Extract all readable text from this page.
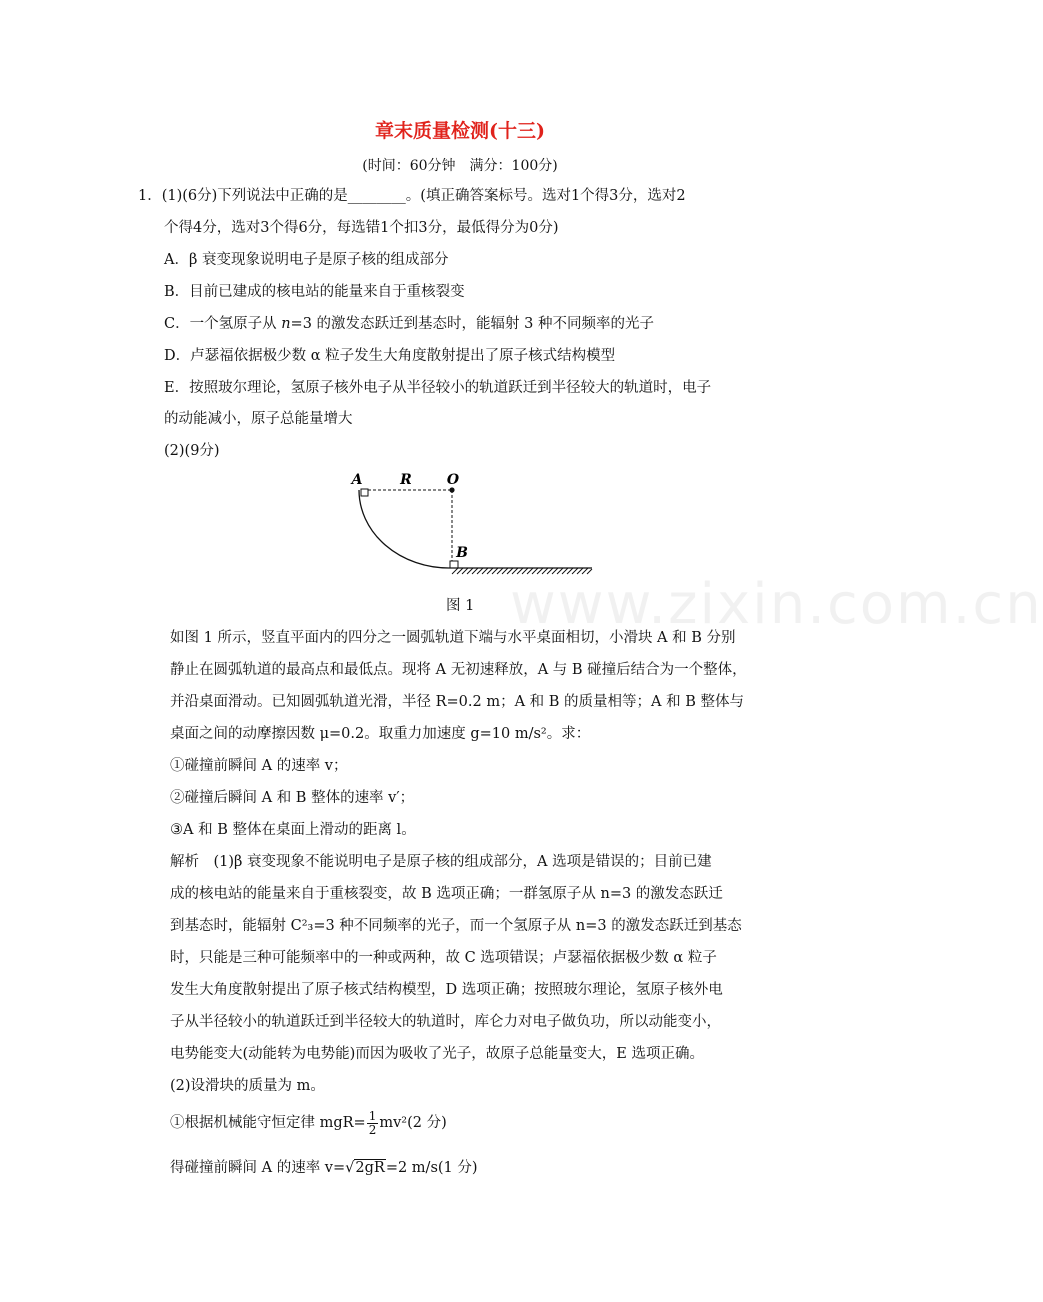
章末质量检测(十三)
(时间：60分钟　满分：100分)
1．(1)(6分)下列说法中正确的是________。(填正确答案标号。选对1个得3分，选对2
个得4分，选对3个得6分，每选错1个扣3分，最低得分为0分)
A．β 衰变现象说明电子是原子核的组成部分
B．目前已建成的核电站的能量来自于重核裂变
C．一个氢原子从 n=3 的激发态跃迁到基态时，能辐射 3 种不同频率的光子
D．卢瑟福依据极少数 α 粒子发生大角度散射提出了原子核式结构模型
E．按照玻尔理论，氢原子核外电子从半径较小的轨道跃迁到半径较大的轨道时，电子
的动能减小，原子总能量增大
(2)(9分)
A	R	O
B
www.zixin.com.cn
图 1
如图 1 所示，竖直平面内的四分之一圆弧轨道下端与水平桌面相切，小滑块 A 和 B 分别
静止在圆弧轨道的最高点和最低点。现将 A 无初速释放，A 与 B 碰撞后结合为一个整体，
并沿桌面滑动。已知圆弧轨道光滑，半径 R=0.2 m；A 和 B 的质量相等；A 和 B 整体与
桌面之间的动摩擦因数 μ=0.2。取重力加速度 g=10 m/s²。求：
①碰撞前瞬间 A 的速率 v；
②碰撞后瞬间 A 和 B 整体的速率 v′；
③A 和 B 整体在桌面上滑动的距离 l。
解析　(1)β 衰变现象不能说明电子是原子核的组成部分，A 选项是错误的；目前已建
成的核电站的能量来自于重核裂变，故 B 选项正确；一群氢原子从 n=3 的激发态跃迁
到基态时，能辐射 C²₃=3 种不同频率的光子，而一个氢原子从 n=3 的激发态跃迁到基态
时，只能是三种可能频率中的一种或两种，故 C 选项错误；卢瑟福依据极少数 α 粒子
发生大角度散射提出了原子核式结构模型，D 选项正确；按照玻尔理论，氢原子核外电
子从半径较小的轨道跃迁到半径较大的轨道时，库仑力对电子做负功，所以动能变小，
电势能变大(动能转为电势能)而因为吸收了光子，故原子总能量变大，E 选项正确。
(2)设滑块的质量为 m。
①根据机械能守恒定律 $mgR= \frac{1}{2} mv^2(2$ 分)
得碰撞前瞬间 A 的速率 v=√2gR=2 m/s(1 分)
